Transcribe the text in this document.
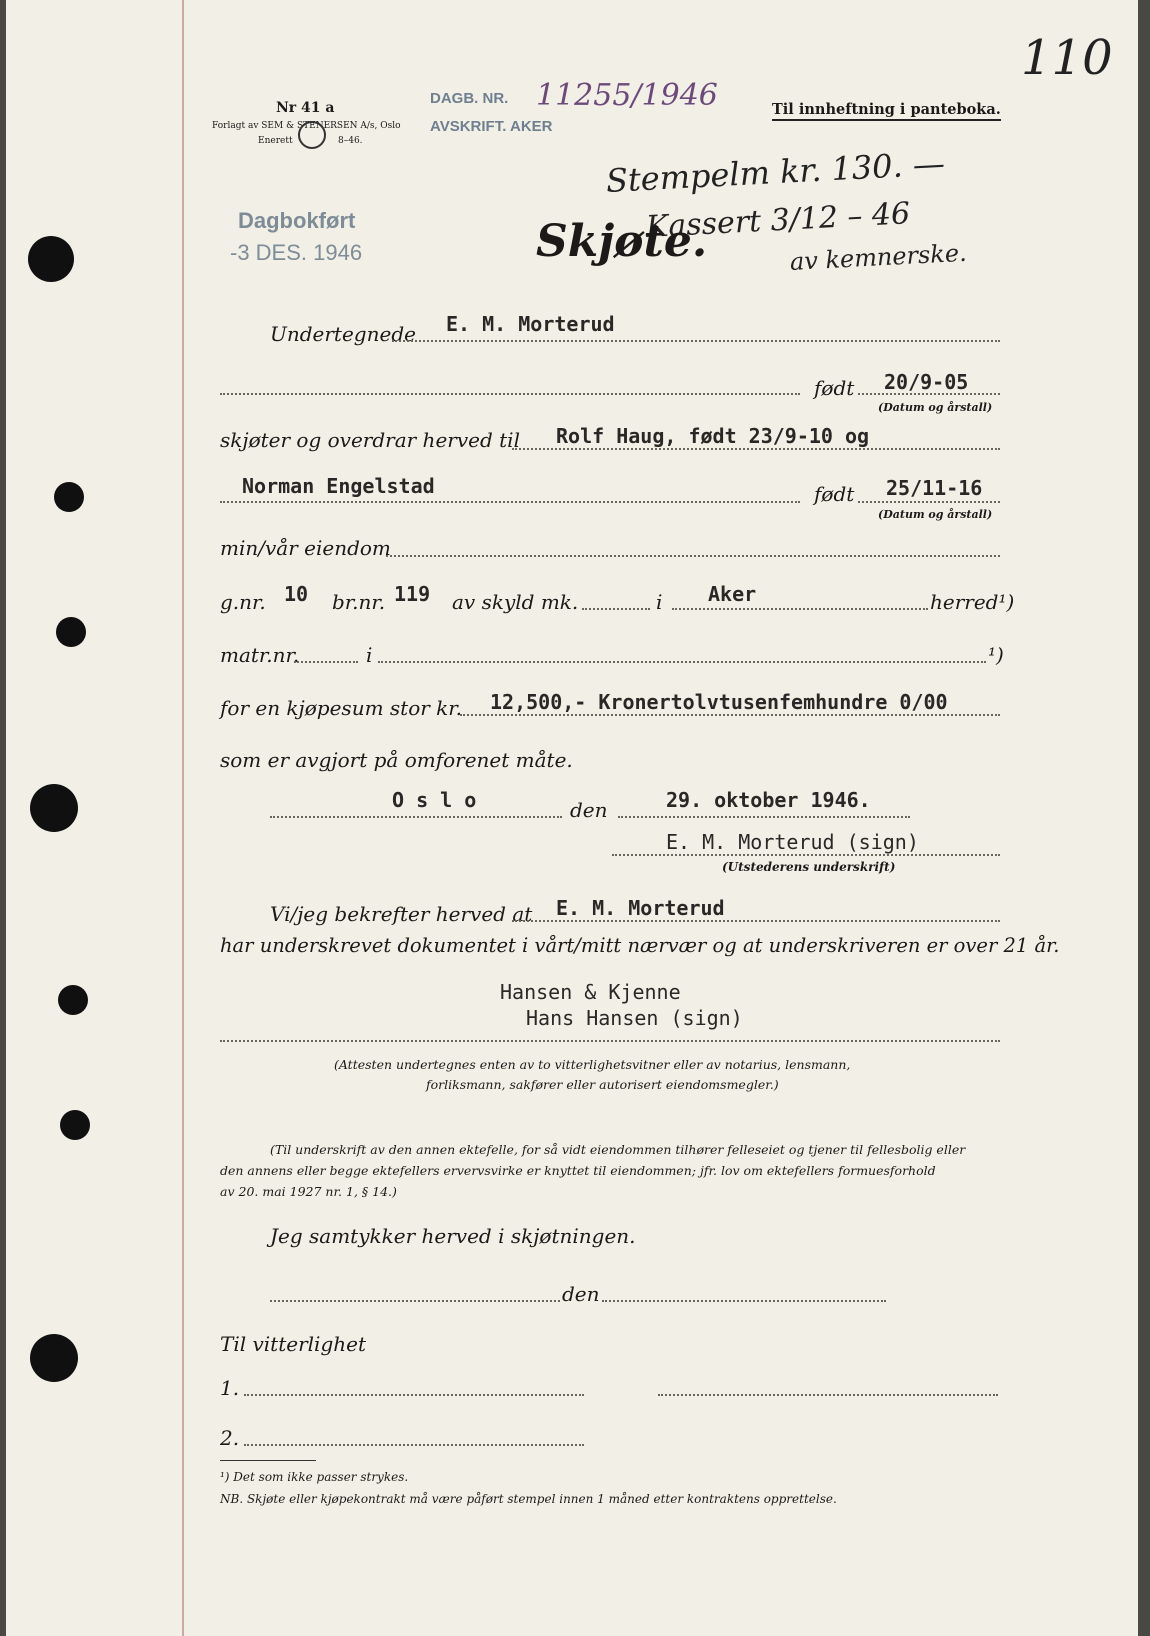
110
Nr 41 a
Forlagt av SEM & STENERSEN A/s, Oslo
Enerett	8–46.
DAGB. NR. 11255/1946
AVSKRIFT. AKER
Til innheftning i panteboka.
Dagbokført
-3 DES. 1946
Stempelm kr. 130. —
Kassert 3/12 – 46
av kemnerske.
Skjøte.
Undertegnede E. M. Morterud
født 20/9-05
(Datum og årstall)
skjøter og overdrar herved til Rolf Haug, født 23/9-10 og
Norman Engelstad	født 25/11-16
(Datum og årstall)
min/vår eiendom
g.nr. 10 br.nr. 119 av skyld mk.	i Aker	herred¹)
matr.nr.	i	¹)
for en kjøpesum stor kr. 12,500,- Kronertolvtusenfemhundre 0/00
som er avgjort på omforenet måte.
O s l o	den	29. oktober 1946.
E. M. Morterud (sign)
(Utstederens underskrift)
Vi/jeg bekrefter herved at E. M. Morterud
har underskrevet dokumentet i vårt/mitt nærvær og at underskriveren er over 21 år.
Hansen & Kjenne
Hans Hansen (sign)
(Attesten undertegnes enten av to vitterlighetsvitner eller av notarius, lensmann,
forliksmann, sakfører eller autorisert eiendomsmegler.)
(Til underskrift av den annen ektefelle, for så vidt eiendommen tilhører felleseiet og tjener til fellesbolig eller
den annens eller begge ektefellers ervervsvirke er knyttet til eiendommen; jfr. lov om ektefellers formuesforhold
av 20. mai 1927 nr. 1, § 14.)
Jeg samtykker herved i skjøtningen.
den
Til vitterlighet
1.
2.
¹) Det som ikke passer strykes.
NB. Skjøte eller kjøpekontrakt må være påført stempel innen 1 måned etter kontraktens opprettelse.
